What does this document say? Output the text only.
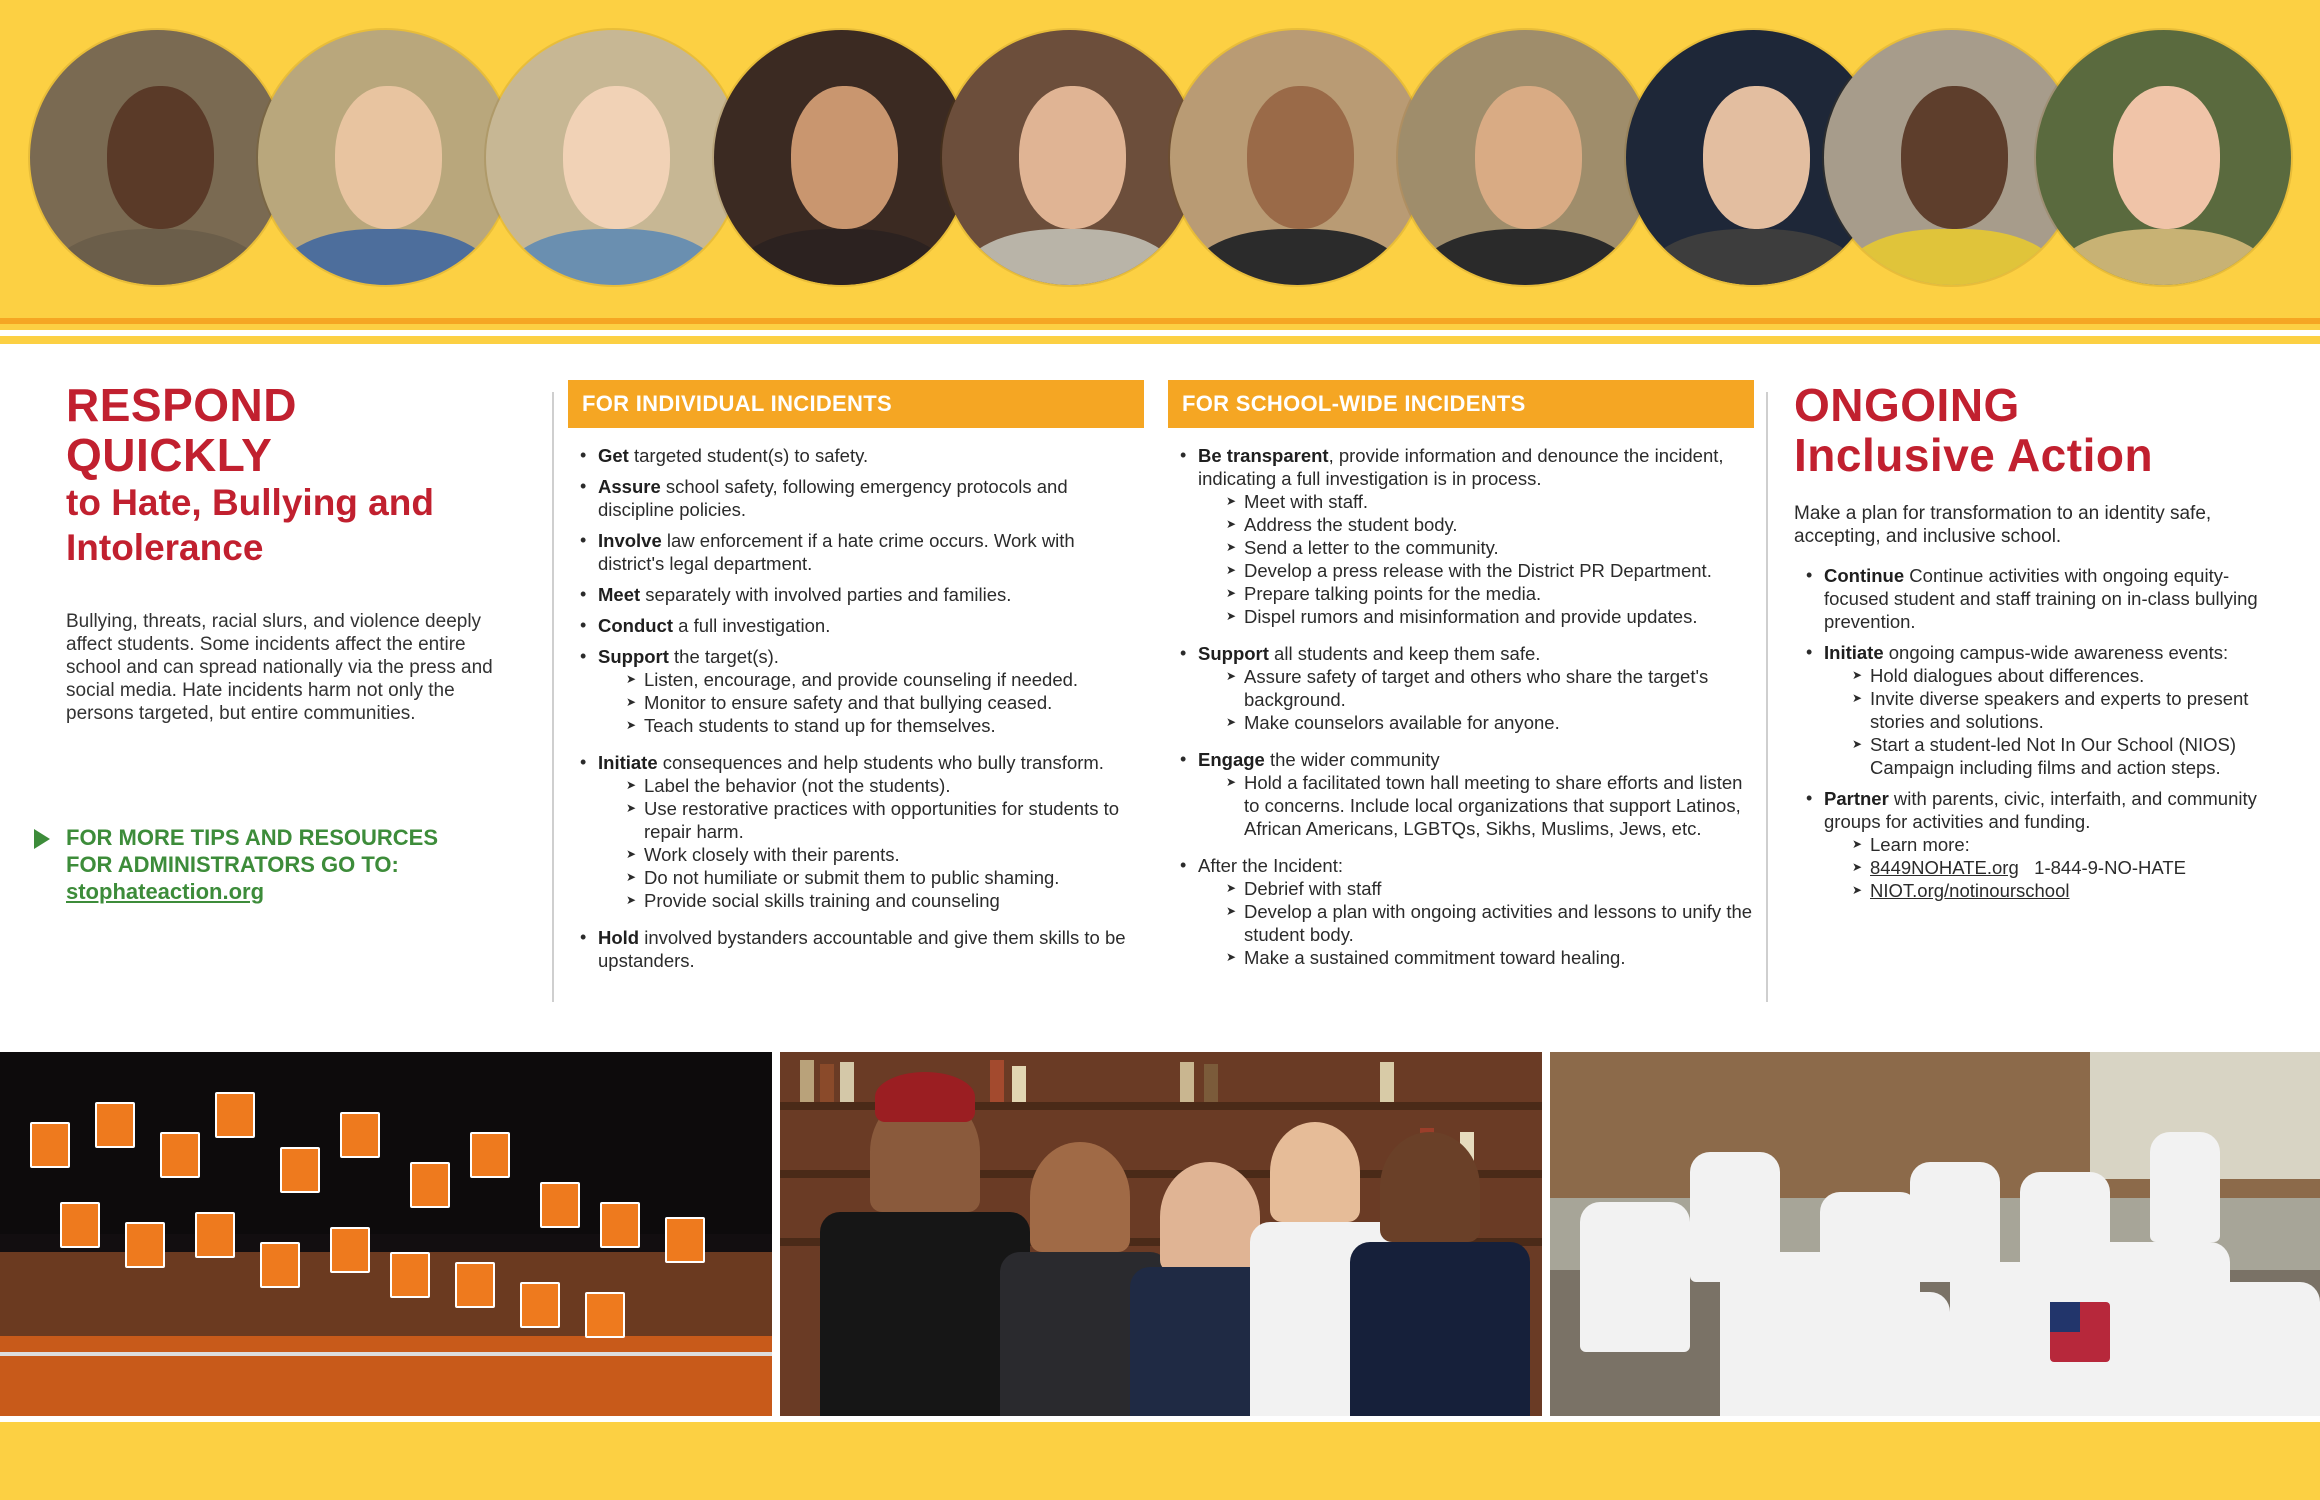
RESPOND
QUICKLY
to Hate, Bullying and
Intolerance

Bullying, threats, racial slurs, and violence deeply affect students. Some incidents affect the entire school and can spread nationally via the press and social media. Hate incidents harm not only the persons targeted, but entire communities.

FOR MORE TIPS AND RESOURCES
FOR ADMINISTRATORS GO TO:
stophateaction.org
FOR INDIVIDUAL INCIDENTS
• Get targeted student(s) to safety.
• Assure school safety, following emergency protocols and discipline policies.
• Involve law enforcement if a hate crime occurs. Work with district's legal department.
• Meet separately with involved parties and families.
• Conduct a full investigation.
• Support the target(s).
➤ Listen, encourage, and provide counseling if needed.
➤ Monitor to ensure safety and that bullying ceased.
➤ Teach students to stand up for themselves.
• Initiate consequences and help students who bully transform.
➤ Label the behavior (not the students).
➤ Use restorative practices with opportunities for students to repair harm.
➤ Work closely with their parents.
➤ Do not humiliate or submit them to public shaming.
➤ Provide social skills training and counseling
• Hold involved bystanders accountable and give them skills to be upstanders.
FOR SCHOOL-WIDE INCIDENTS
• Be transparent, provide information and denounce the incident, indicating a full investigation is in process.
➤ Meet with staff.
➤ Address the student body.
➤ Send a letter to the community.
➤ Develop a press release with the District PR Department.
➤ Prepare talking points for the media.
➤ Dispel rumors and misinformation and provide updates.
• Support all students and keep them safe.
➤ Assure safety of target and others who share the target's background.
➤ Make counselors available for anyone.
• Engage the wider community
➤ Hold a facilitated town hall meeting to share efforts and listen to concerns. Include local organizations that support Latinos, African Americans, LGBTQs, Sikhs, Muslims, Jews, etc.
• After the Incident:
➤ Debrief with staff
➤ Develop a plan with ongoing activities and lessons to unify the student body.
➤ Make a sustained commitment toward healing.
ONGOING
Inclusive Action

Make a plan for transformation to an identity safe, accepting, and inclusive school.

• Continue Continue activities with ongoing equity-focused student and staff training on in-class bullying prevention.
• Initiate ongoing campus-wide awareness events:
➤ Hold dialogues about differences.
➤ Invite diverse speakers and experts to present stories and solutions.
➤ Start a student-led Not In Our School (NIOS) Campaign including films and action steps.
• Partner with parents, civic, interfaith, and community groups for activities and funding.
➤ Learn more:
➤ 8449NOHATE.org 1-844-9-NO-HATE
➤ NIOT.org/notinourschool
